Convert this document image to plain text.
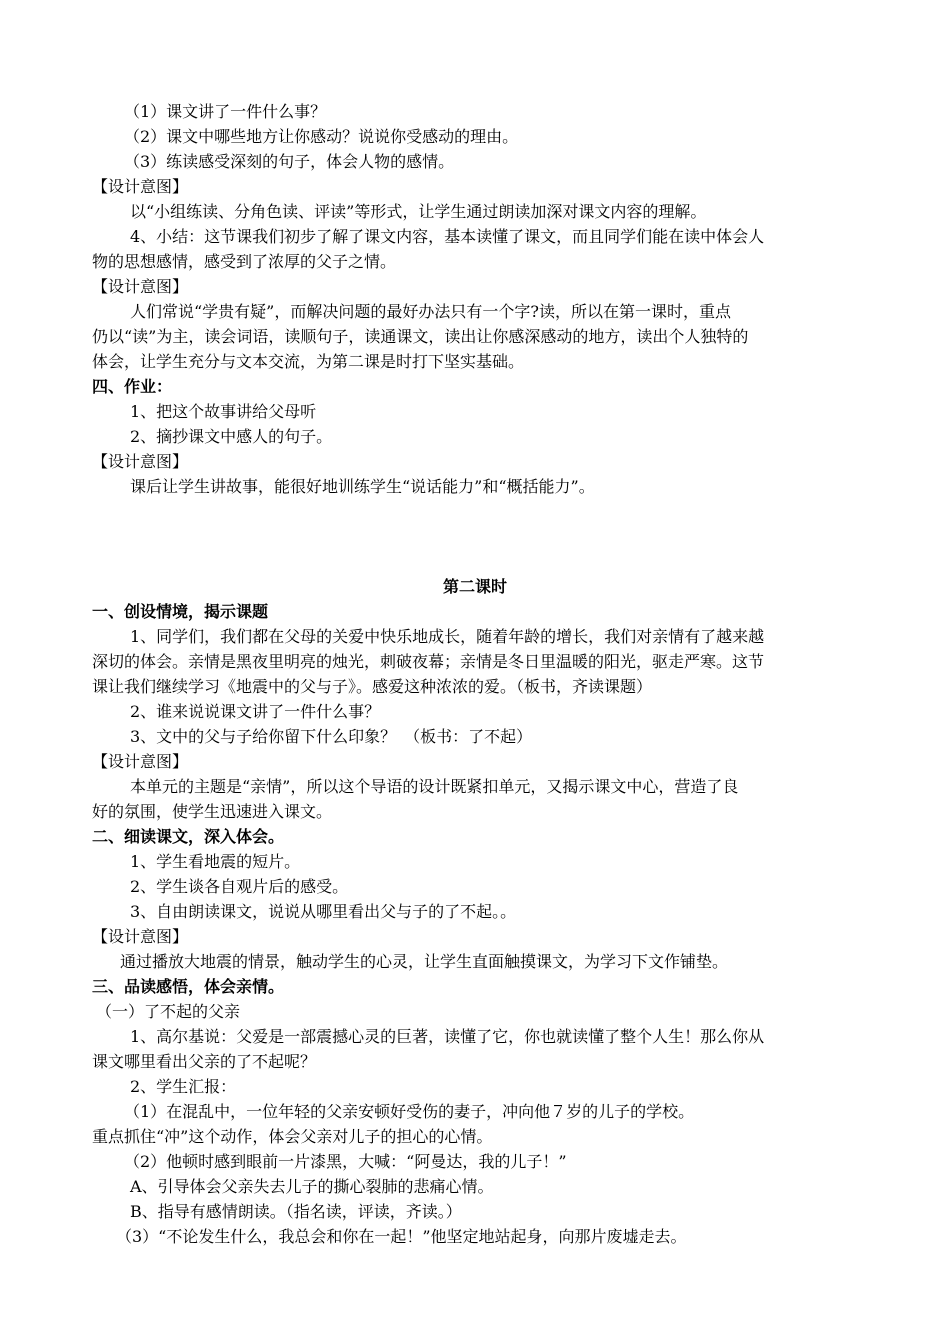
（1）课文讲了一件什么事？
（2）课文中哪些地方让你感动？说说你受感动的理由。
（3）练读感受深刻的句子，体会人物的感情。
【设计意图】
以“小组练读、分角色读、评读”等形式，让学生通过朗读加深对课文内容的理解。
4、小结：这节课我们初步了解了课文内容，基本读懂了课文，而且同学们能在读中体会人
物的思想感情，感受到了浓厚的父子之情。
【设计意图】
人们常说“学贵有疑”，而解决问题的最好办法只有一个字?读，所以在第一课时，重点
仍以“读”为主，读会词语，读顺句子，读通课文，读出让你感深感动的地方，读出个人独特的
体会，让学生充分与文本交流，为第二课是时打下坚实基础。
四、作业：
1、把这个故事讲给父母听
2、摘抄课文中感人的句子。
【设计意图】
课后让学生讲故事，能很好地训练学生“说话能力”和“概括能力”。
第二课时
一、创设情境，揭示课题
1、同学们，我们都在父母的关爱中快乐地成长，随着年龄的增长，我们对亲情有了越来越
深切的体会。亲情是黑夜里明亮的烛光，刺破夜幕；亲情是冬日里温暖的阳光，驱走严寒。这节
课让我们继续学习《地震中的父与子》。感爱这种浓浓的爱。（板书，齐读课题）
2、谁来说说课文讲了一件什么事？
3、文中的父与子给你留下什么印象？　（板书：了不起）
【设计意图】
本单元的主题是“亲情”，所以这个导语的设计既紧扣单元，又揭示课文中心，营造了良
好的氛围，使学生迅速进入课文。
二、细读课文，深入体会。
1、学生看地震的短片。
2、学生谈各自观片后的感受。
3、自由朗读课文，说说从哪里看出父与子的了不起。。
【设计意图】
通过播放大地震的情景，触动学生的心灵，让学生直面触摸课文，为学习下文作铺垫。
三、品读感悟，体会亲情。
（一）了不起的父亲
1、高尔基说：父爱是一部震撼心灵的巨著，读懂了它，你也就读懂了整个人生！那么你从
课文哪里看出父亲的了不起呢？
2、学生汇报：
（1）在混乱中，一位年轻的父亲安顿好受伤的妻子，冲向他７岁的儿子的学校。
重点抓住“冲”这个动作，体会父亲对儿子的担心的心情。
（2）他顿时感到眼前一片漆黑，大喊：“阿曼达，我的儿子！”
A、引导体会父亲失去儿子的撕心裂肺的悲痛心情。
B、指导有感情朗读。（指名读，评读，齐读。）
（3）“不论发生什么，我总会和你在一起！”他坚定地站起身，向那片废墟走去。
